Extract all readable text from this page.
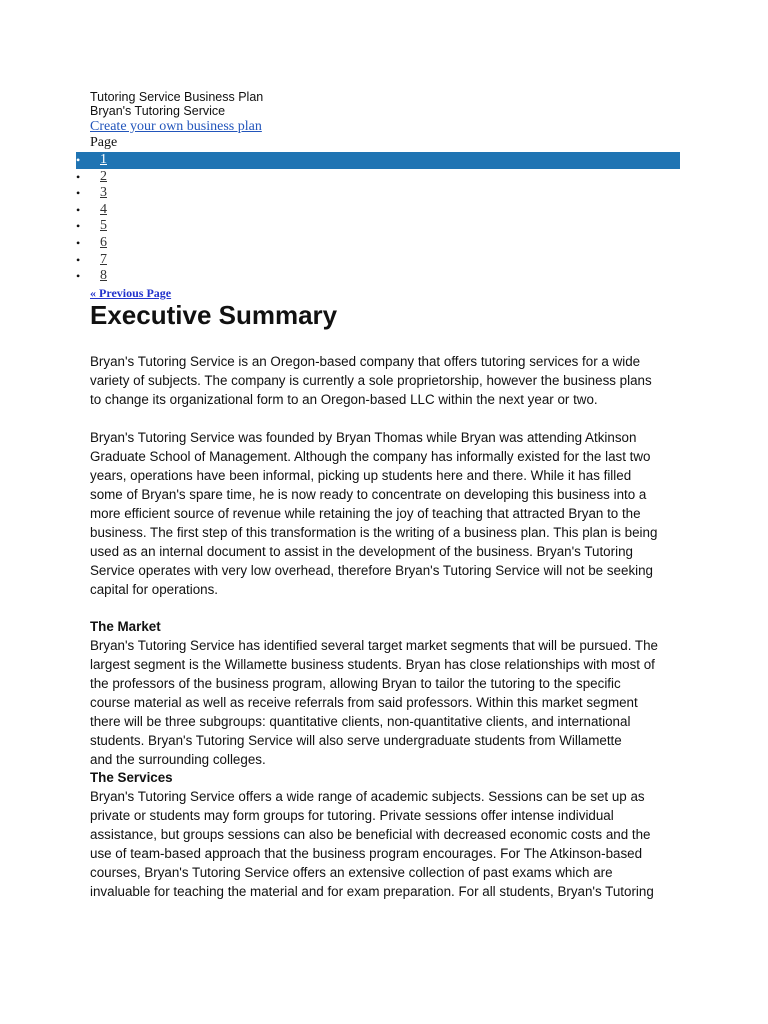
Tutoring Service Business Plan
Bryan's Tutoring Service
Create your own business plan
Page
•	1
•	2
•	3
•	4
•	5
•	6
•	7
•	8
« Previous Page
Executive Summary

Bryan's Tutoring Service is an Oregon-based company that offers tutoring services for a wide
variety of subjects. The company is currently a sole proprietorship, however the business plans
to change its organizational form to an Oregon-based LLC within the next year or two.

Bryan's Tutoring Service was founded by Bryan Thomas while Bryan was attending Atkinson
Graduate School of Management. Although the company has informally existed for the last two
years, operations have been informal, picking up students here and there. While it has filled
some of Bryan's spare time, he is now ready to concentrate on developing this business into a
more efficient source of revenue while retaining the joy of teaching that attracted Bryan to the
business. The first step of this transformation is the writing of a business plan. This plan is being
used as an internal document to assist in the development of the business. Bryan's Tutoring
Service operates with very low overhead, therefore Bryan's Tutoring Service will not be seeking
capital for operations.

The Market

Bryan's Tutoring Service has identified several target market segments that will be pursued. The
largest segment is the Willamette business students. Bryan has close relationships with most of
the professors of the business program, allowing Bryan to tailor the tutoring to the specific
course material as well as receive referrals from said professors. Within this market segment
there will be three subgroups: quantitative clients, non-quantitative clients, and international
students. Bryan's Tutoring Service will also serve undergraduate students from Willamette
and the surrounding colleges.

The Services

Bryan's Tutoring Service offers a wide range of academic subjects. Sessions can be set up as
private or students may form groups for tutoring. Private sessions offer intense individual
assistance, but groups sessions can also be beneficial with decreased economic costs and the
use of team-based approach that the business program encourages. For The Atkinson-based
courses, Bryan's Tutoring Service offers an extensive collection of past exams which are
invaluable for teaching the material and for exam preparation. For all students, Bryan's Tutoring
